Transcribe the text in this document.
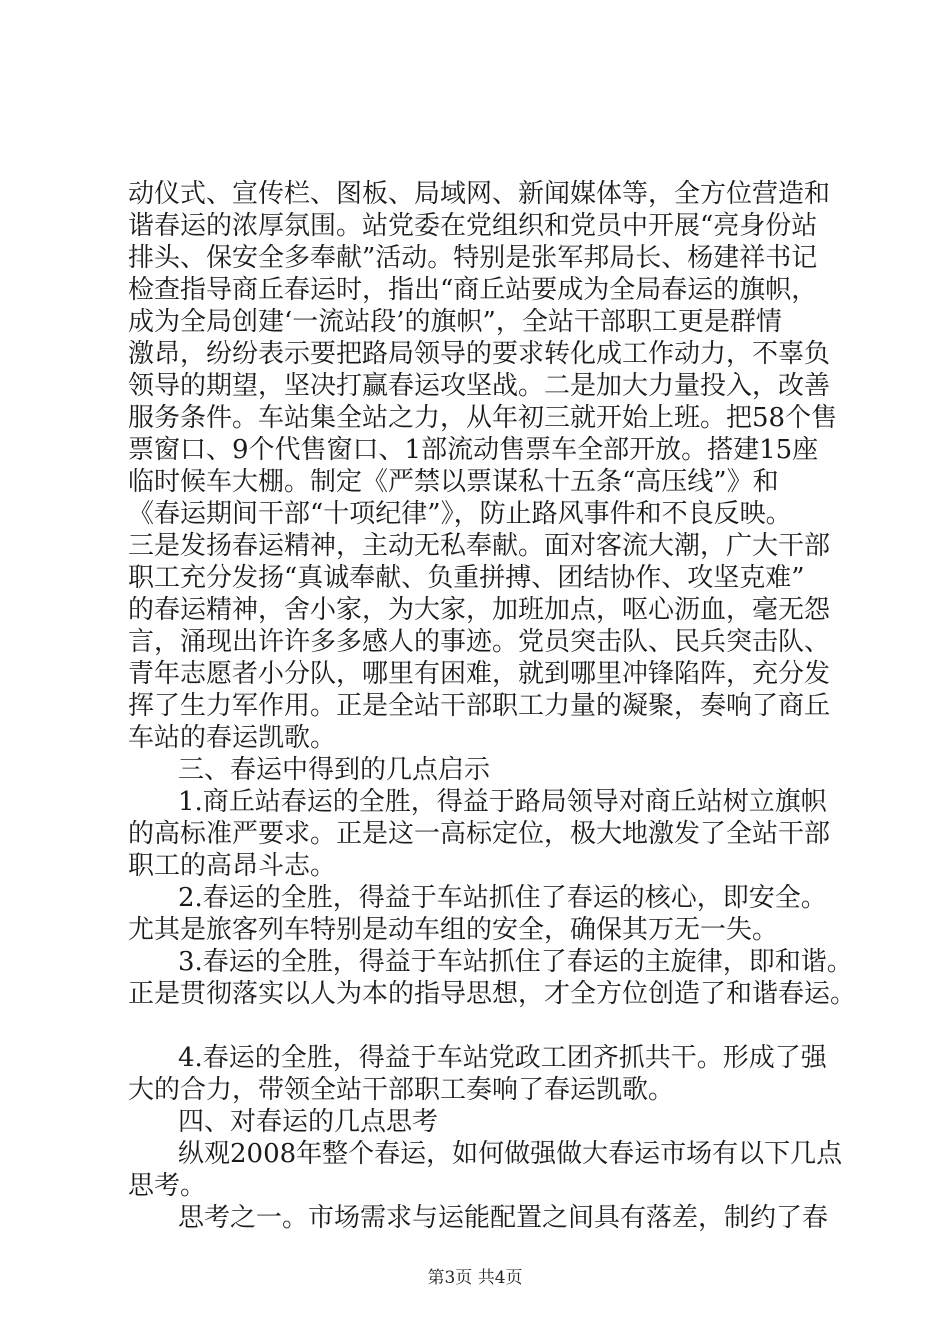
动仪式、宣传栏、图板、局域网、新闻媒体等，全方位营造和
谐春运的浓厚氛围。站党委在党组织和党员中开展“亮身份站
排头、保安全多奉献”活动。特别是张军邦局长、杨建祥书记
检查指导商丘春运时，指出“商丘站要成为全局春运的旗帜，
成为全局创建‘一流站段’的旗帜”，全站干部职工更是群情
激昂，纷纷表示要把路局领导的要求转化成工作动力，不辜负
领导的期望，坚决打赢春运攻坚战。二是加大力量投入，改善
服务条件。车站集全站之力，从年初三就开始上班。把58个售
票窗口、9个代售窗口、1部流动售票车全部开放。搭建15座
临时候车大棚。制定《严禁以票谋私十五条“高压线”》和
《春运期间干部“十项纪律”》，防止路风事件和不良反映。
三是发扬春运精神，主动无私奉献。面对客流大潮，广大干部
职工充分发扬“真诚奉献、负重拼搏、团结协作、攻坚克难”
的春运精神，舍小家，为大家，加班加点，呕心沥血，毫无怨
言，涌现出许许多多感人的事迹。党员突击队、民兵突击队、
青年志愿者小分队，哪里有困难，就到哪里冲锋陷阵，充分发
挥了生力军作用。正是全站干部职工力量的凝聚，奏响了商丘
车站的春运凯歌。
三、春运中得到的几点启示
1.商丘站春运的全胜，得益于路局领导对商丘站树立旗帜
的高标准严要求。正是这一高标定位，极大地激发了全站干部
职工的高昂斗志。
2.春运的全胜，得益于车站抓住了春运的核心，即安全。
尤其是旅客列车特别是动车组的安全，确保其万无一失。
3.春运的全胜，得益于车站抓住了春运的主旋律，即和谐。
正是贯彻落实以人为本的指导思想，才全方位创造了和谐春运。
4.春运的全胜，得益于车站党政工团齐抓共干。形成了强
大的合力，带领全站干部职工奏响了春运凯歌。
四、对春运的几点思考
纵观2008年整个春运，如何做强做大春运市场有以下几点
思考。
思考之一。市场需求与运能配置之间具有落差，制约了春
第3页 共4页
